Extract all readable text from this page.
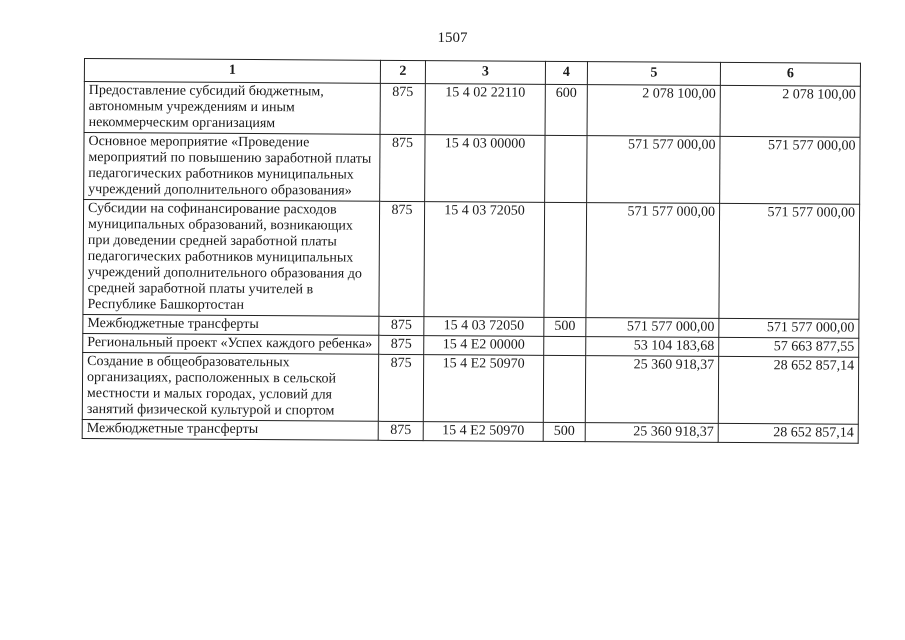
1507
1	2	3	4	5	6
Предоставление субсидий бюджетным, автономным учреждениям и иным некоммерческим организациям	875	15 4 02 22110	600	2 078 100,00	2 078 100,00
Основное мероприятие «Проведение мероприятий по повышению заработной платы педагогических работников муниципальных учреждений дополнительного образования»	875	15 4 03 00000		571 577 000,00	571 577 000,00
Субсидии на софинансирование расходов муниципальных образований, возникающих при доведении средней заработной платы педагогических работников муниципальных учреждений дополнительного образования до средней заработной платы учителей в Республике Башкортостан	875	15 4 03 72050		571 577 000,00	571 577 000,00
Межбюджетные трансферты	875	15 4 03 72050	500	571 577 000,00	571 577 000,00
Региональный проект «Успех каждого ребенка»	875	15 4 E2 00000		53 104 183,68	57 663 877,55
Создание в общеобразовательных организациях, расположенных в сельской местности и малых городах, условий для занятий физической культурой и спортом	875	15 4 E2 50970		25 360 918,37	28 652 857,14
Межбюджетные трансферты	875	15 4 E2 50970	500	25 360 918,37	28 652 857,14
